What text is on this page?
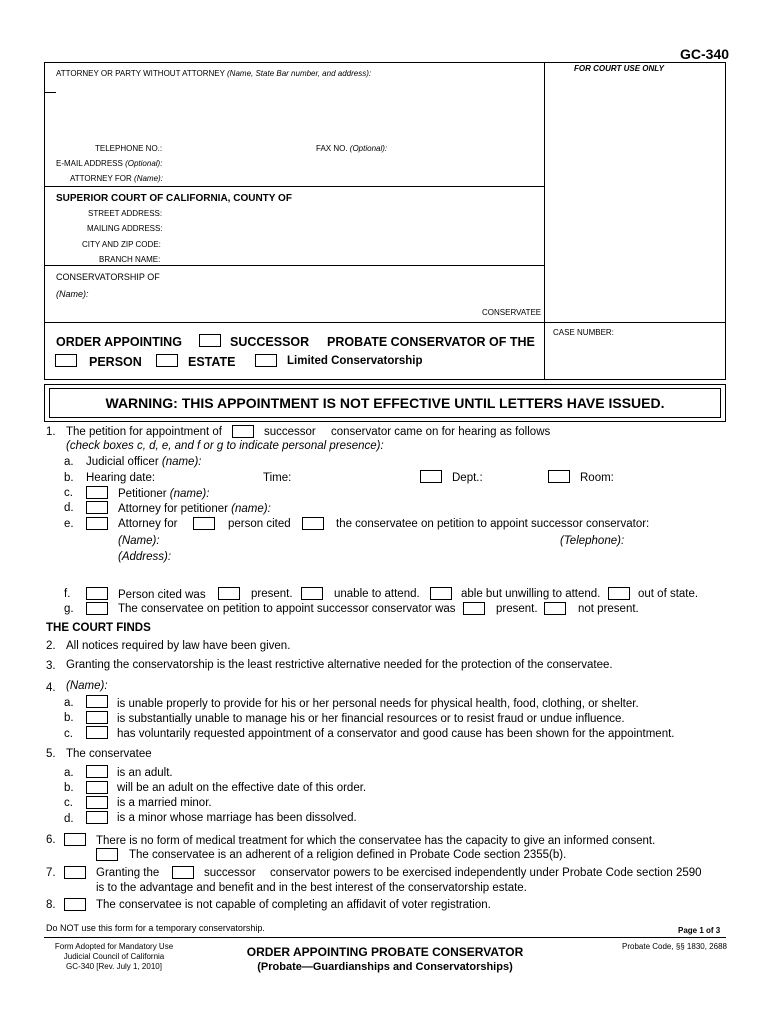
GC-340
FOR COURT USE ONLY
ATTORNEY OR PARTY WITHOUT ATTORNEY (Name, State Bar number, and address):
TELEPHONE NO.:	FAX NO. (Optional):
E-MAIL ADDRESS (Optional):
ATTORNEY FOR (Name):
SUPERIOR COURT OF CALIFORNIA, COUNTY OF
STREET ADDRESS:
MAILING ADDRESS:
CITY AND ZIP CODE:
BRANCH NAME:
CONSERVATORSHIP OF
(Name):
CONSERVATEE
ORDER APPOINTING	SUCCESSOR PROBATE CONSERVATOR OF THE
PERSON	ESTATE	Limited Conservatorship
CASE NUMBER:
WARNING: THIS APPOINTMENT IS NOT EFFECTIVE UNTIL LETTERS HAVE ISSUED.
1. The petition for appointment of	successor conservator came on for hearing as follows
(check boxes c, d, e, and f or g to indicate personal presence):
a. Judicial officer (name):
b. Hearing date:	Time:	Dept.:	Room:
c.	Petitioner (name):
d.	Attorney for petitioner (name):
e.	Attorney for	person cited	the conservatee on petition to appoint successor conservator:
(Name):	(Telephone):
(Address):
f.	Person cited was	present.	unable to attend.	able but unwilling to attend.	out of state.
g.	The conservatee on petition to appoint successor conservator was	present.	not present.
THE COURT FINDS
2. All notices required by law have been given.
3. Granting the conservatorship is the least restrictive alternative needed for the protection of the conservatee.
4. (Name):
a.	is unable properly to provide for his or her personal needs for physical health, food, clothing, or shelter.
b.	is substantially unable to manage his or her financial resources or to resist fraud or undue influence.
c.	has voluntarily requested appointment of a conservator and good cause has been shown for the appointment.
5. The conservatee
a.	is an adult.
b.	will be an adult on the effective date of this order.
c.	is a married minor.
d.	is a minor whose marriage has been dissolved.
6.	There is no form of medical treatment for which the conservatee has the capacity to give an informed consent.
The conservatee is an adherent of a religion defined in Probate Code section 2355(b).
7.	Granting the	successor conservator powers to be exercised independently under Probate Code section 2590
is to the advantage and benefit and in the best interest of the conservatorship estate.
8.	The conservatee is not capable of completing an affidavit of voter registration.
Do NOT use this form for a temporary conservatorship.	Page 1 of 3
Form Adopted for Mandatory Use
Judicial Council of California
GC-340 [Rev. July 1, 2010]
ORDER APPOINTING PROBATE CONSERVATOR
(Probate—Guardianships and Conservatorships)
Probate Code, §§ 1830, 2688
